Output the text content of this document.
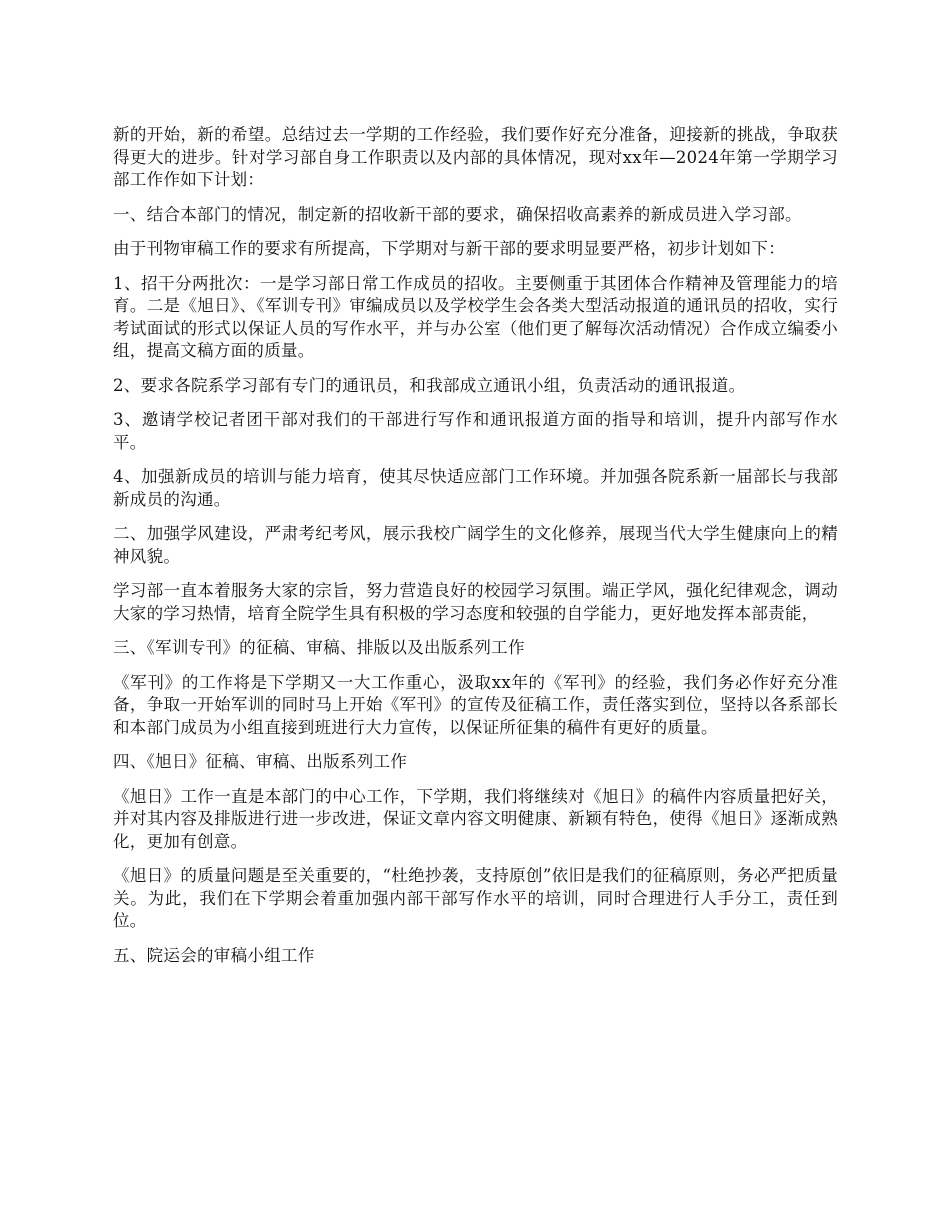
新的开始，新的希望。总结过去一学期的工作经验，我们要作好充分准备，迎接新的挑战，争取获得更大的进步。针对学习部自身工作职责以及内部的具体情况，现对xx年—2024年第一学期学习部工作作如下计划：

一、结合本部门的情况，制定新的招收新干部的要求，确保招收高素养的新成员进入学习部。

由于刊物审稿工作的要求有所提高，下学期对与新干部的要求明显要严格，初步计划如下：

1、招干分两批次：一是学习部日常工作成员的招收。主要侧重于其团体合作精神及管理能力的培育。二是《旭日》、《军训专刊》审编成员以及学校学生会各类大型活动报道的通讯员的招收，实行考试面试的形式以保证人员的写作水平，并与办公室（他们更了解每次活动情况）合作成立编委小组，提高文稿方面的质量。

2、要求各院系学习部有专门的通讯员，和我部成立通讯小组，负责活动的通讯报道。

3、邀请学校记者团干部对我们的干部进行写作和通讯报道方面的指导和培训，提升内部写作水平。

4、加强新成员的培训与能力培育，使其尽快适应部门工作环境。并加强各院系新一届部长与我部新成员的沟通。

二、加强学风建设，严肃考纪考风，展示我校广阔学生的文化修养，展现当代大学生健康向上的精神风貌。

学习部一直本着服务大家的宗旨，努力营造良好的校园学习氛围。端正学风，强化纪律观念，调动大家的学习热情，培育全院学生具有积极的学习态度和较强的自学能力，更好地发挥本部责能，

三、《军训专刊》的征稿、审稿、排版以及出版系列工作

《军刊》的工作将是下学期又一大工作重心，汲取xx年的《军刊》的经验，我们务必作好充分准备，争取一开始军训的同时马上开始《军刊》的宣传及征稿工作，责任落实到位，坚持以各系部长和本部门成员为小组直接到班进行大力宣传，以保证所征集的稿件有更好的质量。

四、《旭日》征稿、审稿、出版系列工作

《旭日》工作一直是本部门的中心工作，下学期，我们将继续对《旭日》的稿件内容质量把好关，并对其内容及排版进行进一步改进，保证文章内容文明健康、新颖有特色，使得《旭日》逐渐成熟化，更加有创意。

《旭日》的质量问题是至关重要的，“杜绝抄袭，支持原创”依旧是我们的征稿原则，务必严把质量关。为此，我们在下学期会着重加强内部干部写作水平的培训，同时合理进行人手分工，责任到位。

五、院运会的审稿小组工作
